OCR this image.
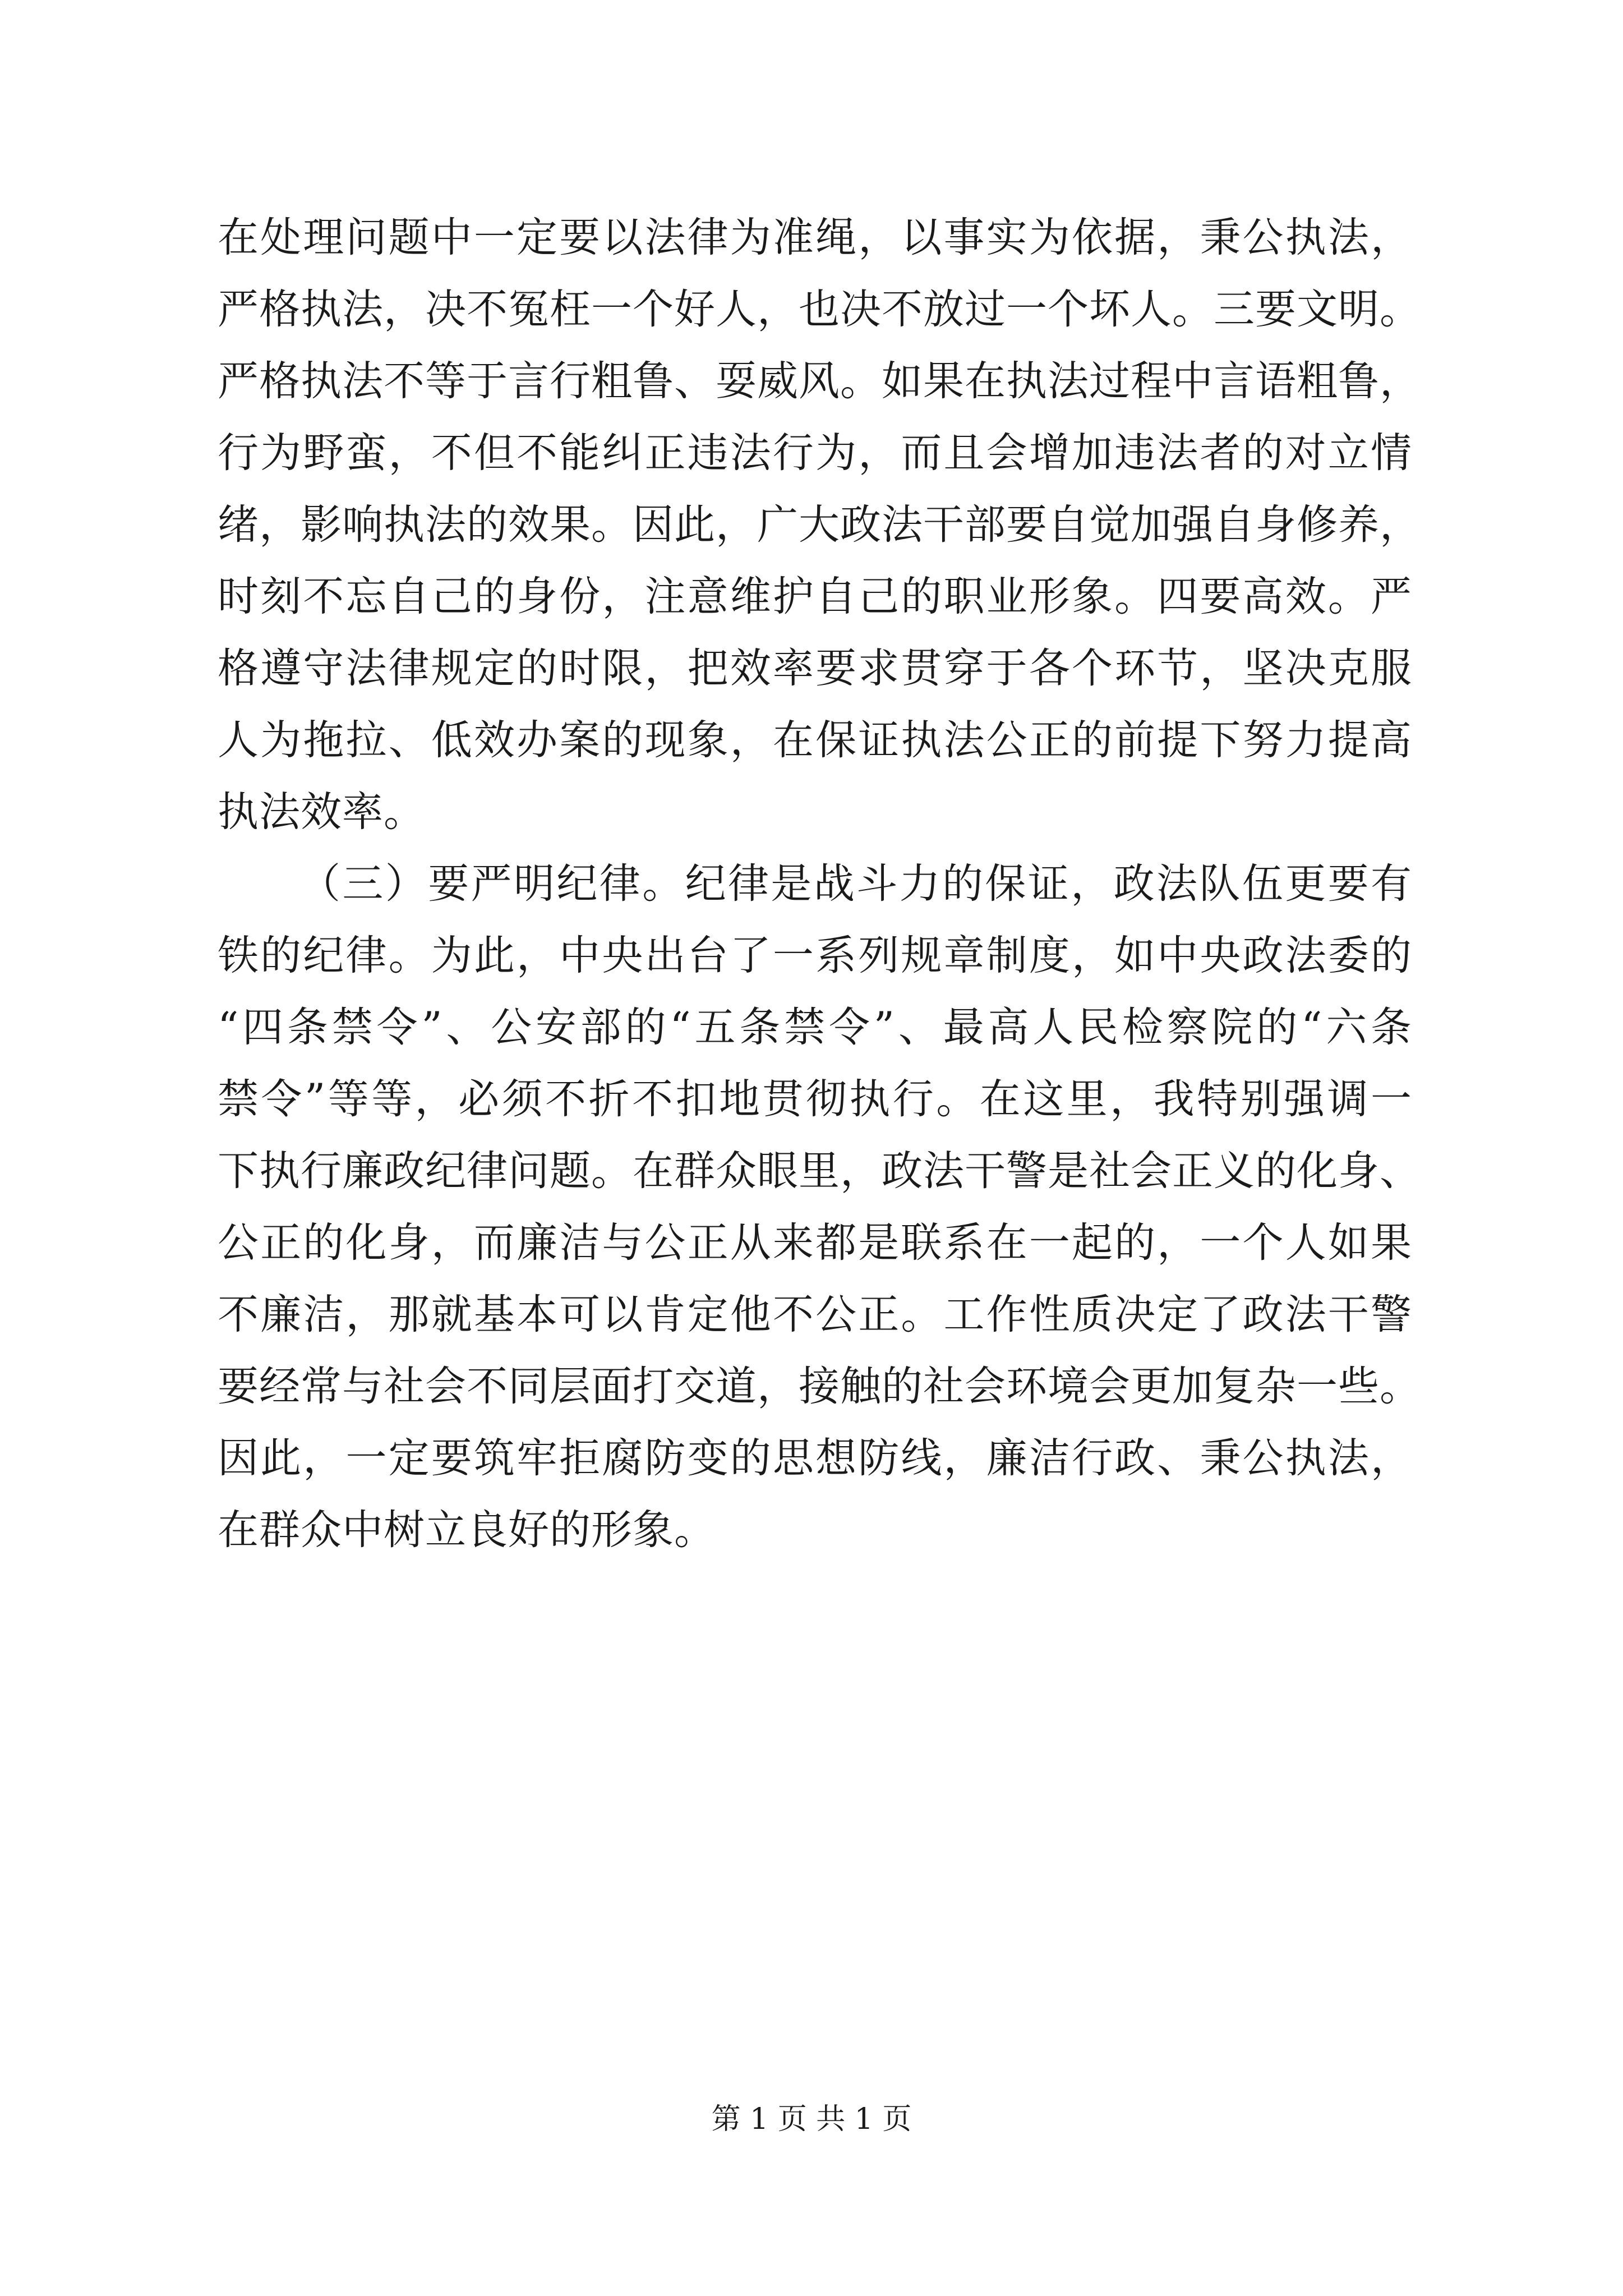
在处理问题中一定要以法律为准绳，以事实为依据，秉公执法，
严格执法，决不冤枉一个好人，也决不放过一个坏人。三要文明。
严格执法不等于言行粗鲁、耍威风。如果在执法过程中言语粗鲁，
行为野蛮，不但不能纠正违法行为，而且会增加违法者的对立情
绪，影响执法的效果。因此，广大政法干部要自觉加强自身修养，
时刻不忘自己的身份，注意维护自己的职业形象。四要高效。严
格遵守法律规定的时限，把效率要求贯穿于各个环节，坚决克服
人为拖拉、低效办案的现象，在保证执法公正的前提下努力提高
执法效率。
（三）要严明纪律。纪律是战斗力的保证，政法队伍更要有
铁的纪律。为此，中央出台了一系列规章制度，如中央政法委的
“四条禁令”、公安部的“五条禁令”、最高人民检察院的“六条
禁令”等等，必须不折不扣地贯彻执行。在这里，我特别强调一
下执行廉政纪律问题。在群众眼里，政法干警是社会正义的化身、
公正的化身，而廉洁与公正从来都是联系在一起的，一个人如果
不廉洁，那就基本可以肯定他不公正。工作性质决定了政法干警
要经常与社会不同层面打交道，接触的社会环境会更加复杂一些。
因此，一定要筑牢拒腐防变的思想防线，廉洁行政、秉公执法，
在群众中树立良好的形象。
第 1 页 共 1 页
